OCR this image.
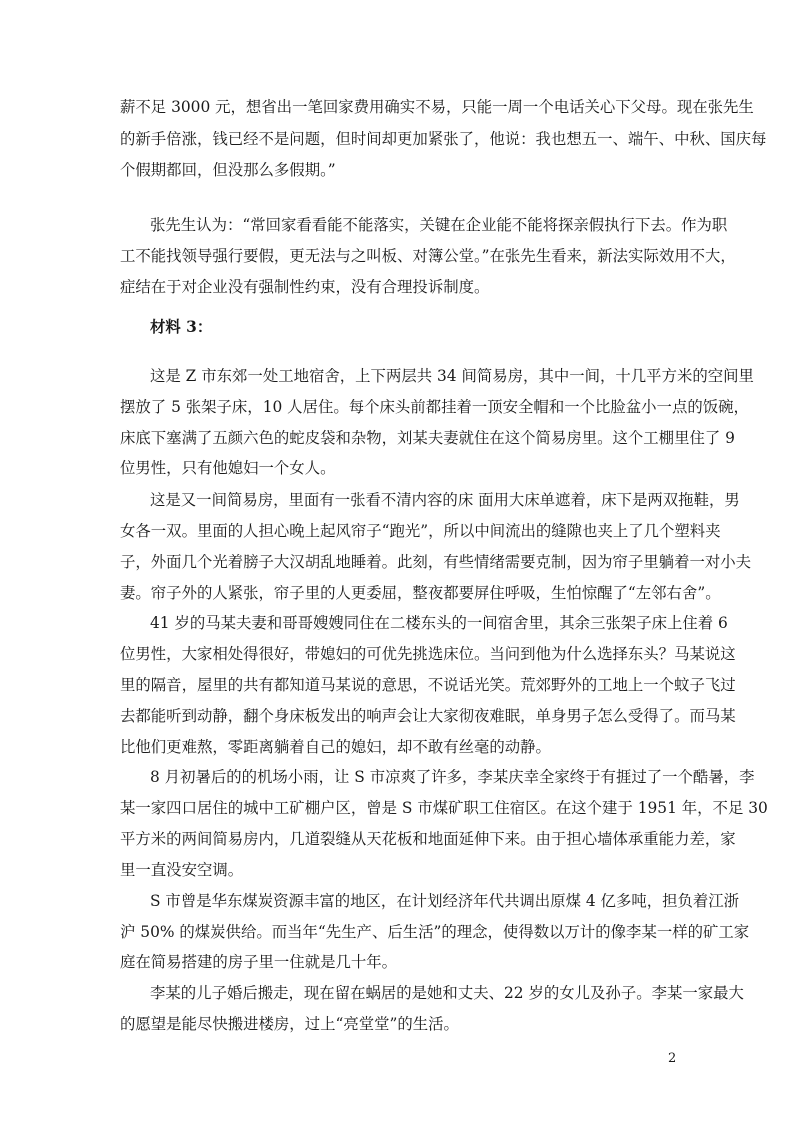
薪不足 3000 元，想省出一笔回家费用确实不易，只能一周一个电话关心下父母。现在张先生
的新手倍涨，钱已经不是问题，但时间却更加紧张了，他说：我也想五一、端午、中秋、国庆每
个假期都回，但没那么多假期。”
张先生认为：“常回家看看能不能落实，关键在企业能不能将探亲假执行下去。作为职
工不能找领导强行要假，更无法与之叫板、对簿公堂。”在张先生看来，新法实际效用不大，
症结在于对企业没有强制性约束，没有合理投诉制度。
材料 3：
这是 Z 市东郊一处工地宿舍，上下两层共 34 间简易房，其中一间，十几平方米的空间里
摆放了 5 张架子床，10 人居住。每个床头前都挂着一顶安全帽和一个比脸盆小一点的饭碗，
床底下塞满了五颜六色的蛇皮袋和杂物，刘某夫妻就住在这个简易房里。这个工棚里住了 9
位男性，只有他媳妇一个女人。
这是又一间简易房，里面有一张看不清内容的床 面用大床单遮着，床下是两双拖鞋，男
女各一双。里面的人担心晚上起风帘子“跑光”，所以中间流出的缝隙也夹上了几个塑料夹
子，外面几个光着膀子大汉胡乱地睡着。此刻，有些情绪需要克制，因为帘子里躺着一对小夫
妻。帘子外的人紧张，帘子里的人更委屈，整夜都要屏住呼吸，生怕惊醒了“左邻右舍”。
41 岁的马某夫妻和哥哥嫂嫂同住在二楼东头的一间宿舍里，其余三张架子床上住着 6
位男性，大家相处得很好，带媳妇的可优先挑选床位。当问到他为什么选择东头？马某说这
里的隔音，屋里的共有都知道马某说的意思，不说话光笑。荒郊野外的工地上一个蚊子飞过
去都能听到动静，翻个身床板发出的响声会让大家彻夜难眠，单身男子怎么受得了。而马某
比他们更难熬，零距离躺着自己的媳妇，却不敢有丝毫的动静。
8 月初暑后的的机场小雨，让 S 市凉爽了许多，李某庆幸全家终于有捱过了一个酷暑，李
某一家四口居住的城中工矿棚户区，曾是 S 市煤矿职工住宿区。在这个建于 1951 年，不足 30
平方米的两间简易房内，几道裂缝从天花板和地面延伸下来。由于担心墙体承重能力差，家
里一直没安空调。
S 市曾是华东煤炭资源丰富的地区，在计划经济年代共调出原煤 4 亿多吨，担负着江浙
沪 50% 的煤炭供给。而当年“先生产、后生活”的理念，使得数以万计的像李某一样的矿工家
庭在简易搭建的房子里一住就是几十年。
李某的儿子婚后搬走，现在留在蜗居的是她和丈夫、22 岁的女儿及孙子。李某一家最大
的愿望是能尽快搬进楼房，过上“亮堂堂”的生活。
2
